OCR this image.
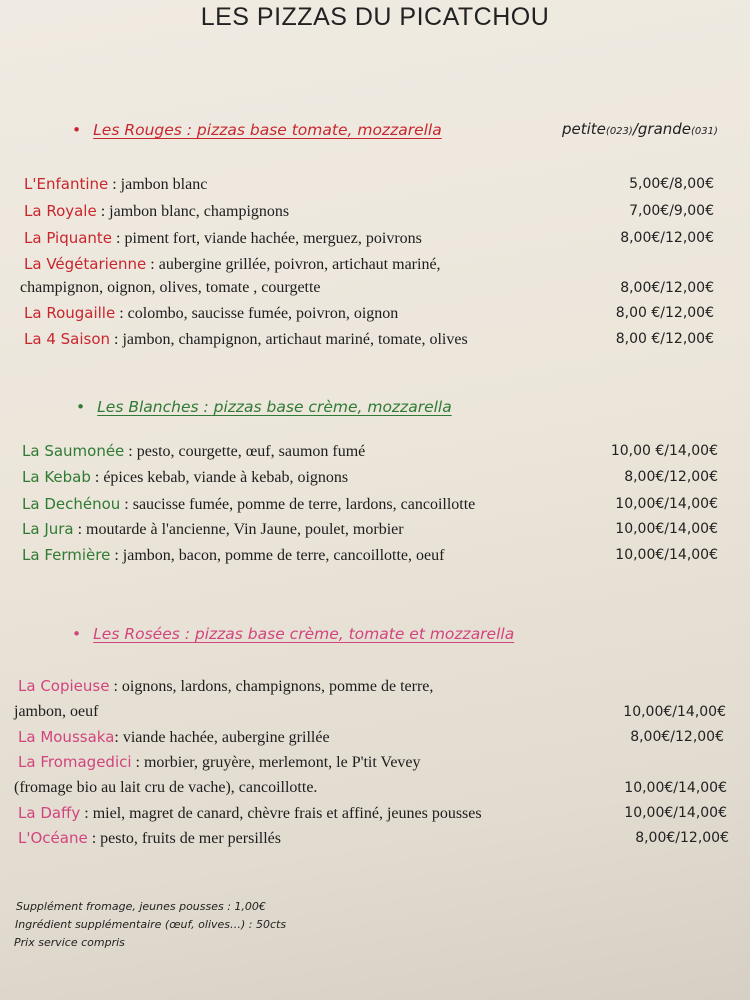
LES PIZZAS DU PICATCHOU
petite(023)/grande(031)
• Les Rouges : pizzas base tomate, mozzarella
L'Enfantine : jambon blanc	5,00€/8,00€
La Royale : jambon blanc, champignons	7,00€/9,00€
La Piquante : piment fort, viande hachée, merguez, poivrons	8,00€/12,00€
La Végétarienne : aubergine grillée, poivron, artichaut mariné,
champignon, oignon, olives, tomate , courgette	8,00€/12,00€
La Rougaille : colombo, saucisse fumée, poivron, oignon	8,00 €/12,00€
La 4 Saison : jambon, champignon, artichaut mariné, tomate, olives	8,00 €/12,00€
• Les Blanches : pizzas base crème, mozzarella
La Saumonée : pesto, courgette, œuf, saumon fumé	10,00 €/14,00€
La Kebab : épices kebab, viande à kebab, oignons	8,00€/12,00€
La Dechénou : saucisse fumée, pomme de terre, lardons, cancoillotte	10,00€/14,00€
La Jura : moutarde à l'ancienne, Vin Jaune, poulet, morbier	10,00€/14,00€
La Fermière : jambon, bacon, pomme de terre, cancoillotte, oeuf	10,00€/14,00€
• Les Rosées : pizzas base crème, tomate et mozzarella
La Copieuse : oignons, lardons, champignons, pomme de terre,
jambon, oeuf	10,00€/14,00€
La Moussaka: viande hachée, aubergine grillée	8,00€/12,00€
La Fromagedici : morbier, gruyère, merlemont, le P'tit Vevey
(fromage bio au lait cru de vache), cancoillotte.	10,00€/14,00€
La Daffy : miel, magret de canard, chèvre frais et affiné, jeunes pousses	10,00€/14,00€
L'Océane : pesto, fruits de mer persillés	8,00€/12,00€
Supplément fromage, jeunes pousses : 1,00€
Ingrédient supplémentaire (œuf, olives…) : 50cts
Prix service compris
